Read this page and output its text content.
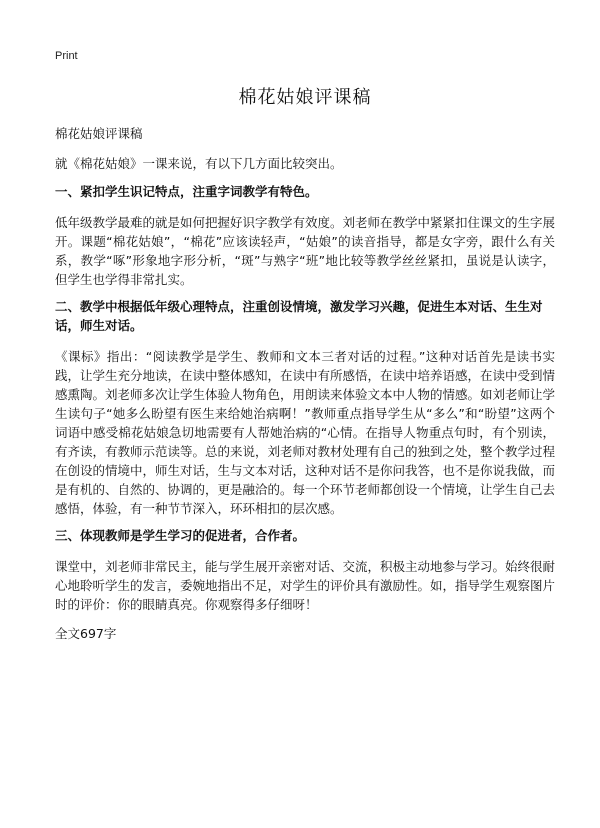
Print
棉花姑娘评课稿

棉花姑娘评课稿

就《棉花姑娘》一课来说，有以下几方面比较突出。

一、紧扣学生识记特点，注重字词教学有特色。

低年级教学最难的就是如何把握好识字教学有效度。刘老师在教学中紧紧扣住课文的生字展开。课题“棉花姑娘”，“棉花”应该读轻声，“姑娘”的读音指导，都是女字旁，跟什么有关系，教学“啄”形象地字形分析，“斑”与熟字“班”地比较等教学丝丝紧扣，虽说是认读字，但学生也学得非常扎实。

二、教学中根据低年级心理特点，注重创设情境，激发学习兴趣，促进生本对话、生生对话，师生对话。

《课标》指出：“阅读教学是学生、教师和文本三者对话的过程。”这种对话首先是读书实践，让学生充分地读，在读中整体感知，在读中有所感悟，在读中培养语感，在读中受到情感熏陶。刘老师多次让学生体验人物角色，用朗读来体验文本中人物的情感。如刘老师让学生读句子“她多么盼望有医生来给她治病啊！”教师重点指导学生从“多么”和“盼望”这两个词语中感受棉花姑娘急切地需要有人帮她治病的“心情。在指导人物重点句时，有个别读，有齐读，有教师示范读等。总的来说，刘老师对教材处理有自己的独到之处，整个教学过程在创设的情境中，师生对话，生与文本对话，这种对话不是你问我答，也不是你说我做，而是有机的、自然的、协调的，更是融洽的。每一个环节老师都创设一个情境，让学生自己去感悟，体验，有一种节节深入，环环相扣的层次感。

三、体现教师是学生学习的促进者，合作者。

课堂中，刘老师非常民主，能与学生展开亲密对话、交流，积极主动地参与学习。始终很耐心地聆听学生的发言，委婉地指出不足，对学生的评价具有激励性。如，指导学生观察图片时的评价：你的眼睛真亮。你观察得多仔细呀！

全文697字
